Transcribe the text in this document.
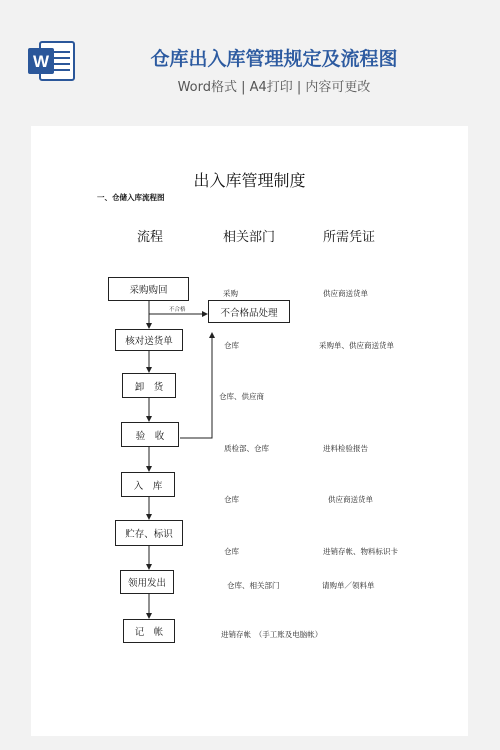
W	仓库出入库管理规定及流程图
Word格式 | A4打印 | 内容可更改
出入库管理制度
一、仓储入库流程图
流程	相关部门	所需凭证
不合格	不合格品处理
采购购回
核对送货单
卸　货
验　收
入　库
贮存、标识
领用发出
记　帐
采购	供应商送货单
仓库	采购单、供应商送货单
仓库、供应商
质检部、仓库	进料检验报告
仓库	供应商送货单
仓库	进销存帐、物料标识卡
仓库、相关部门	请购单／领料单
进销存帐　（手工账及电脑帐）
